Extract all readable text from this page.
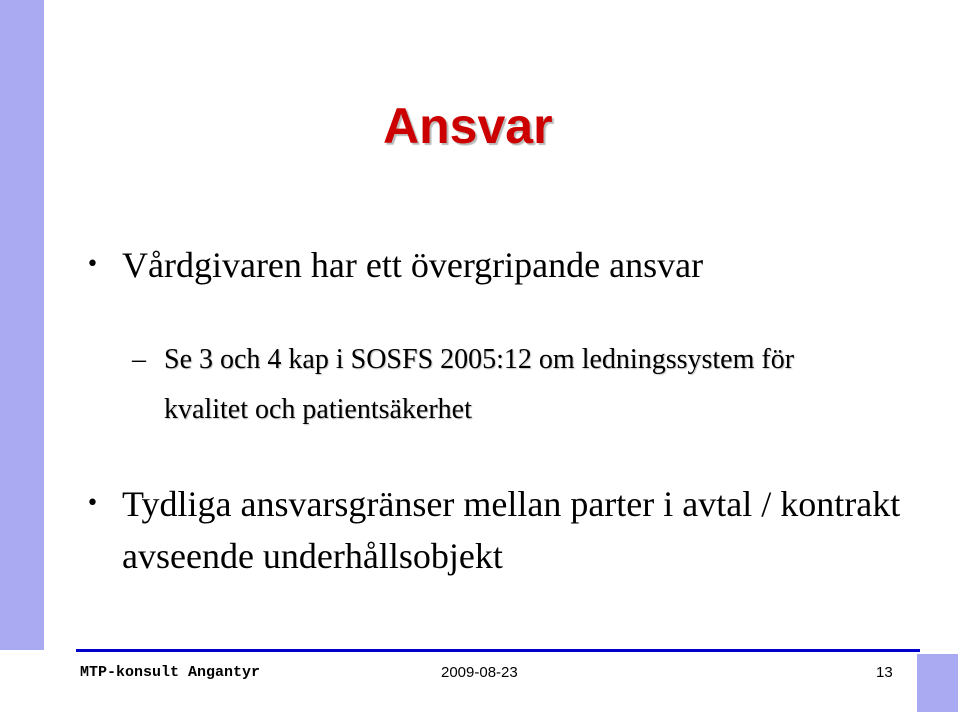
Ansvar
• Vårdgivaren har ett övergripande ansvar
– Se 3 och 4 kap i SOSFS 2005:12 om ledningssystem för kvalitet och patientsäkerhet
• Tydliga ansvarsgränser mellan parter i avtal / kontrakt avseende underhållsobjekt
MTP-konsult Angantyr	2009-08-23	13
